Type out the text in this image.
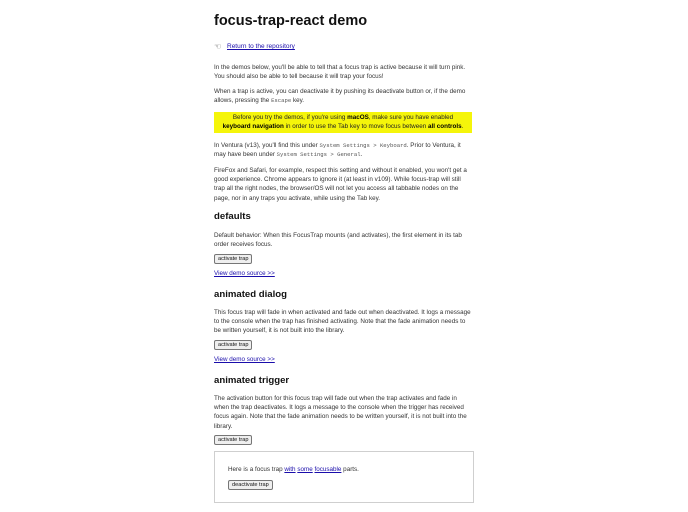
focus-trap-react demo
☜ Return to the repository

In the demos below, you'll be able to tell that a focus trap is active because it will turn pink. You should also be able to tell because it will trap your focus!

When a trap is active, you can deactivate it by pushing its deactivate button or, if the demo allows, pressing the Escape key.

Before you try the demos, if you're using macOS, make sure you have enabled keyboard navigation in order to use the Tab key to move focus between all controls.

In Ventura (v13), you'll find this under System Settings > Keyboard. Prior to Ventura, it may have been under System Settings > General.

FireFox and Safari, for example, respect this setting and without it enabled, you won't get a good experience. Chrome appears to ignore it (at least in v109). While focus-trap will still trap all the right nodes, the browser/OS will not let you access all tabbable nodes on the page, nor in any traps you activate, while using the Tab key.

defaults

Default behavior: When this FocusTrap mounts (and activates), the first element in its tab order receives focus.

activate trap
View demo source >>
animated dialog

This focus trap will fade in when activated and fade out when deactivated. It logs a message to the console when the trap has finished activating. Note that the fade animation needs to be written yourself, it is not built into the library.

activate trap
View demo source >>
animated trigger

The activation button for this focus trap will fade out when the trap activates and fade in when the trap deactivates. It logs a message to the console when the trigger has received focus again. Note that the fade animation needs to be written yourself, it is not built into the library.

activate trap
Here is a focus trap with some focusable parts.
deactivate trap
